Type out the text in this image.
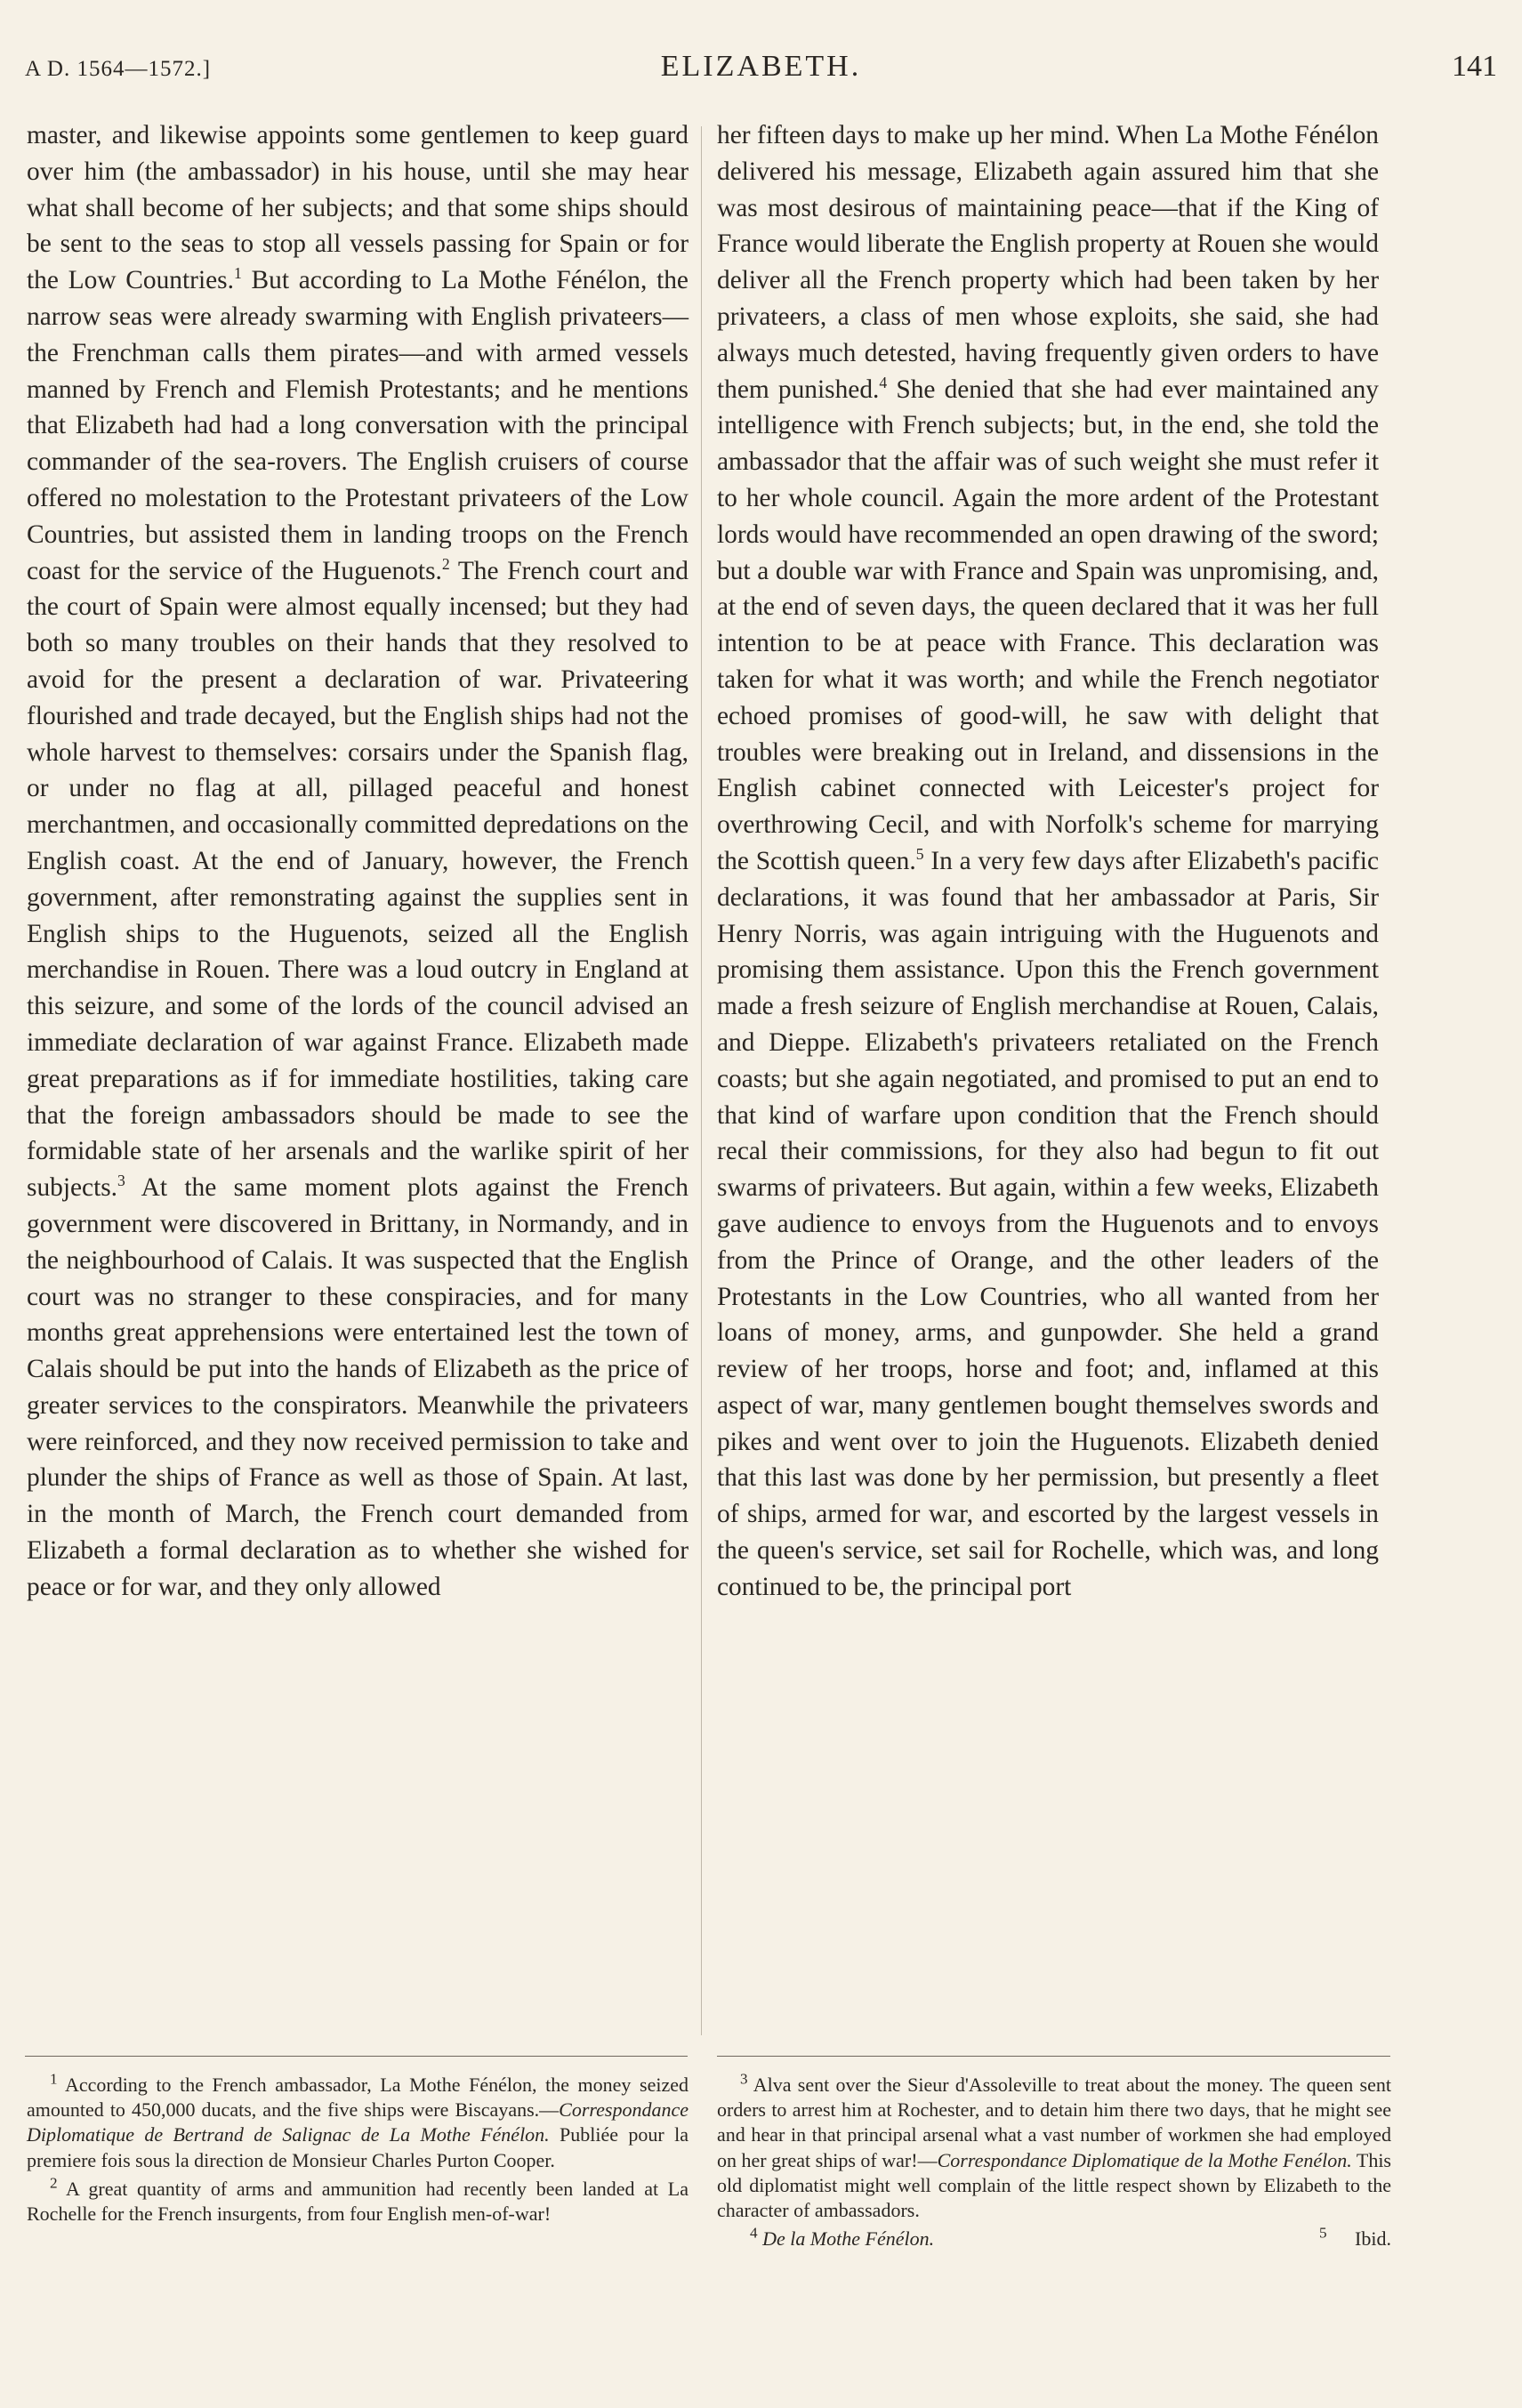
A D. 1564—1572.]	ELIZABETH.	141

master, and likewise appoints some gentlemen to keep guard over him (the ambassador) in his house, until she may hear what shall become of her subjects; and that some ships should be sent to the seas to stop all vessels passing for Spain or for the Low Countries.$^1$ But according to La Mothe Fénélon, the narrow seas were already swarming with English privateers—the Frenchman calls them pirates—and with armed vessels manned by French and Flemish Protestants; and he mentions that Elizabeth had had a long conversation with the principal commander of the sea-rovers. The English cruisers of course offered no molestation to the Protestant privateers of the Low Countries, but assisted them in landing troops on the French coast for the service of the Huguenots.$^2$ The French court and the court of Spain were almost equally incensed; but they had both so many troubles on their hands that they resolved to avoid for the present a declaration of war. Privateering flourished and trade decayed, but the English ships had not the whole harvest to themselves: corsairs under the Spanish flag, or under no flag at all, pillaged peaceful and honest merchantmen, and occasionally committed depredations on the English coast. At the end of January, however, the French government, after remonstrating against the supplies sent in English ships to the Huguenots, seized all the English merchandise in Rouen. There was a loud outcry in England at this seizure, and some of the lords of the council advised an immediate declaration of war against France. Elizabeth made great preparations as if for immediate hostilities, taking care that the foreign ambassadors should be made to see the formidable state of her arsenals and the warlike spirit of her subjects.$^3$ At the same moment plots against the French government were discovered in Brittany, in Normandy, and in the neighbourhood of Calais. It was suspected that the English court was no stranger to these conspiracies, and for many months great apprehensions were entertained lest the town of Calais should be put into the hands of Elizabeth as the price of greater services to the conspirators. Meanwhile the privateers were reinforced, and they now received permission to take and plunder the ships of France as well as those of Spain. At last, in the month of March, the French court demanded from Elizabeth a formal declaration as to whether she wished for peace or for war, and they only allowed

her fifteen days to make up her mind. When La Mothe Fénélon delivered his message, Elizabeth again assured him that she was most desirous of maintaining peace—that if the King of France would liberate the English property at Rouen she would deliver all the French property which had been taken by her privateers, a class of men whose exploits, she said, she had always much detested, having frequently given orders to have them punished.$^4$ She denied that she had ever maintained any intelligence with French subjects; but, in the end, she told the ambassador that the affair was of such weight she must refer it to her whole council. Again the more ardent of the Protestant lords would have recommended an open drawing of the sword; but a double war with France and Spain was unpromising, and, at the end of seven days, the queen declared that it was her full intention to be at peace with France. This declaration was taken for what it was worth; and while the French negotiator echoed promises of good-will, he saw with delight that troubles were breaking out in Ireland, and dissensions in the English cabinet connected with Leicester's project for overthrowing Cecil, and with Norfolk's scheme for marrying the Scottish queen.$^5$ In a very few days after Elizabeth's pacific declarations, it was found that her ambassador at Paris, Sir Henry Norris, was again intriguing with the Huguenots and promising them assistance. Upon this the French government made a fresh seizure of English merchandise at Rouen, Calais, and Dieppe. Elizabeth's privateers retaliated on the French coasts; but she again negotiated, and promised to put an end to that kind of warfare upon condition that the French should recal their commissions, for they also had begun to fit out swarms of privateers. But again, within a few weeks, Elizabeth gave audience to envoys from the Huguenots and to envoys from the Prince of Orange, and the other leaders of the Protestants in the Low Countries, who all wanted from her loans of money, arms, and gunpowder. She held a grand review of her troops, horse and foot; and, inflamed at this aspect of war, many gentlemen bought themselves swords and pikes and went over to join the Huguenots. Elizabeth denied that this last was done by her permission, but presently a fleet of ships, armed for war, and escorted by the largest vessels in the queen's service, set sail for Rochelle, which was, and long continued to be, the principal port

$^1$ According to the French ambassador, La Mothe Fénélon, the money seized amounted to 450,000 ducats, and the five ships were Biscayans.—Correspondance Diplomatique de Bertrand de Salignac de La Mothe Fénélon. Publiée pour la premiere fois sous la direction de Monsieur Charles Purton Cooper.

$^2$ A great quantity of arms and ammunition had recently been landed at La Rochelle for the French insurgents, from four English men-of-war!

$^3$ Alva sent over the Sieur d'Assoleville to treat about the money. The queen sent orders to arrest him at Rochester, and to detain him there two days, that he might see and hear in that principal arsenal what a vast number of workmen she had employed on her great ships of war!—Correspondance Diplomatique de la Mothe Fenélon. This old diplomatist might well complain of the little respect shown by Elizabeth to the character of ambassadors.

$^4$ De la Mothe Fénélon.	$^5$ Ibid.
